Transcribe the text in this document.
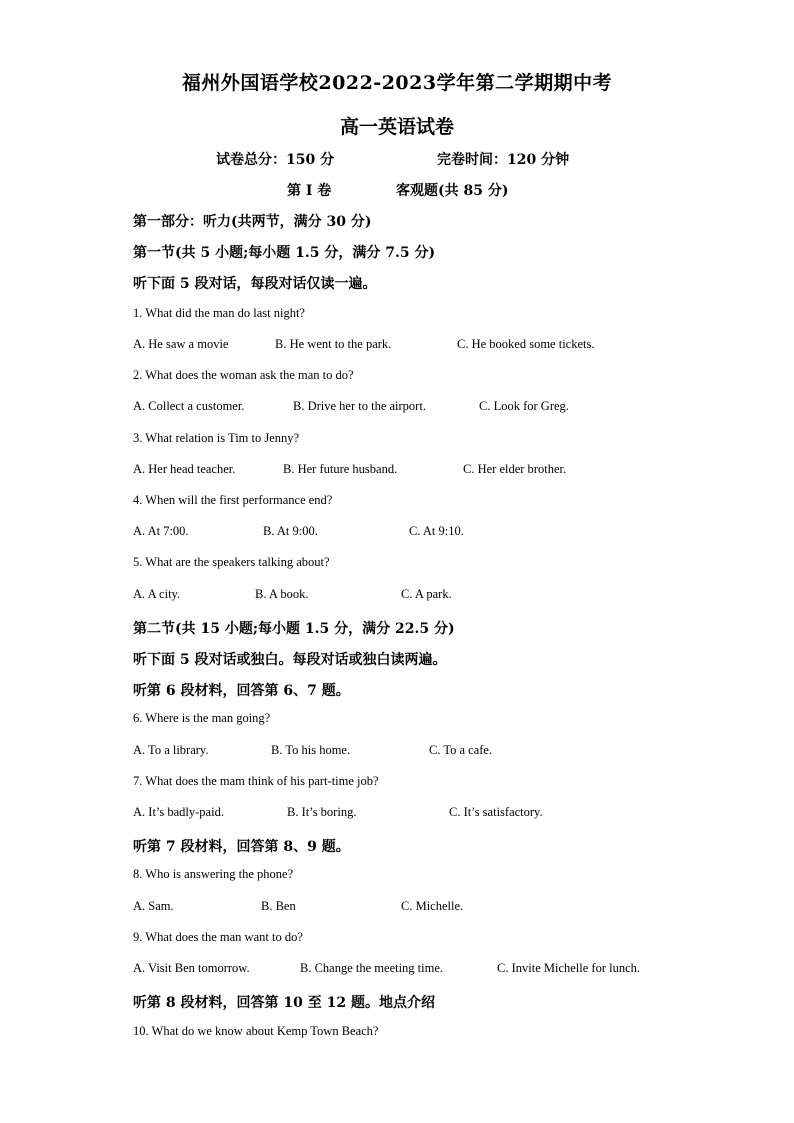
福州外国语学校2022-2023学年第二学期期中考
高一英语试卷
试卷总分：150 分	完卷时间：120 分钟
第 I 卷	客观题(共 85 分)
第一部分：听力(共两节，满分 30 分)
第一节(共 5 小题;每小题 1.5 分，满分 7.5 分)
听下面 5 段对话，每段对话仅读一遍。
1. What did the man do last night?
A. He saw a movie	B. He went to the park.	C. He booked some tickets.
2. What does the woman ask the man to do?
A. Collect a customer.	B. Drive her to the airport.	C. Look for Greg.
3. What relation is Tim to Jenny?
A. Her head teacher.	B. Her future husband.	C. Her elder brother.
4. When will the first performance end?
A. At 7:00.	B. At 9:00.	C. At 9:10.
5. What are the speakers talking about?
A. A city.	B. A book.	C. A park.
第二节(共 15 小题;每小题 1.5 分，满分 22.5 分)
听下面 5 段对话或独白。每段对话或独白读两遍。
听第 6 段材料，回答第 6、7 题。
6. Where is the man going?
A. To a library.	B. To his home.	C. To a cafe.
7. What does the mam think of his part-time job?
A. It’s badly-paid.	B. It’s boring.	C. It’s satisfactory.
听第 7 段材料，回答第 8、9 题。
8. Who is answering the phone?
A. Sam.	B. Ben	C. Michelle.
9. What does the man want to do?
A. Visit Ben tomorrow.	B. Change the meeting time.	C. Invite Michelle for lunch.
听第 8 段材料，回答第 10 至 12 题。地点介绍
10. What do we know about Kemp Town Beach?
